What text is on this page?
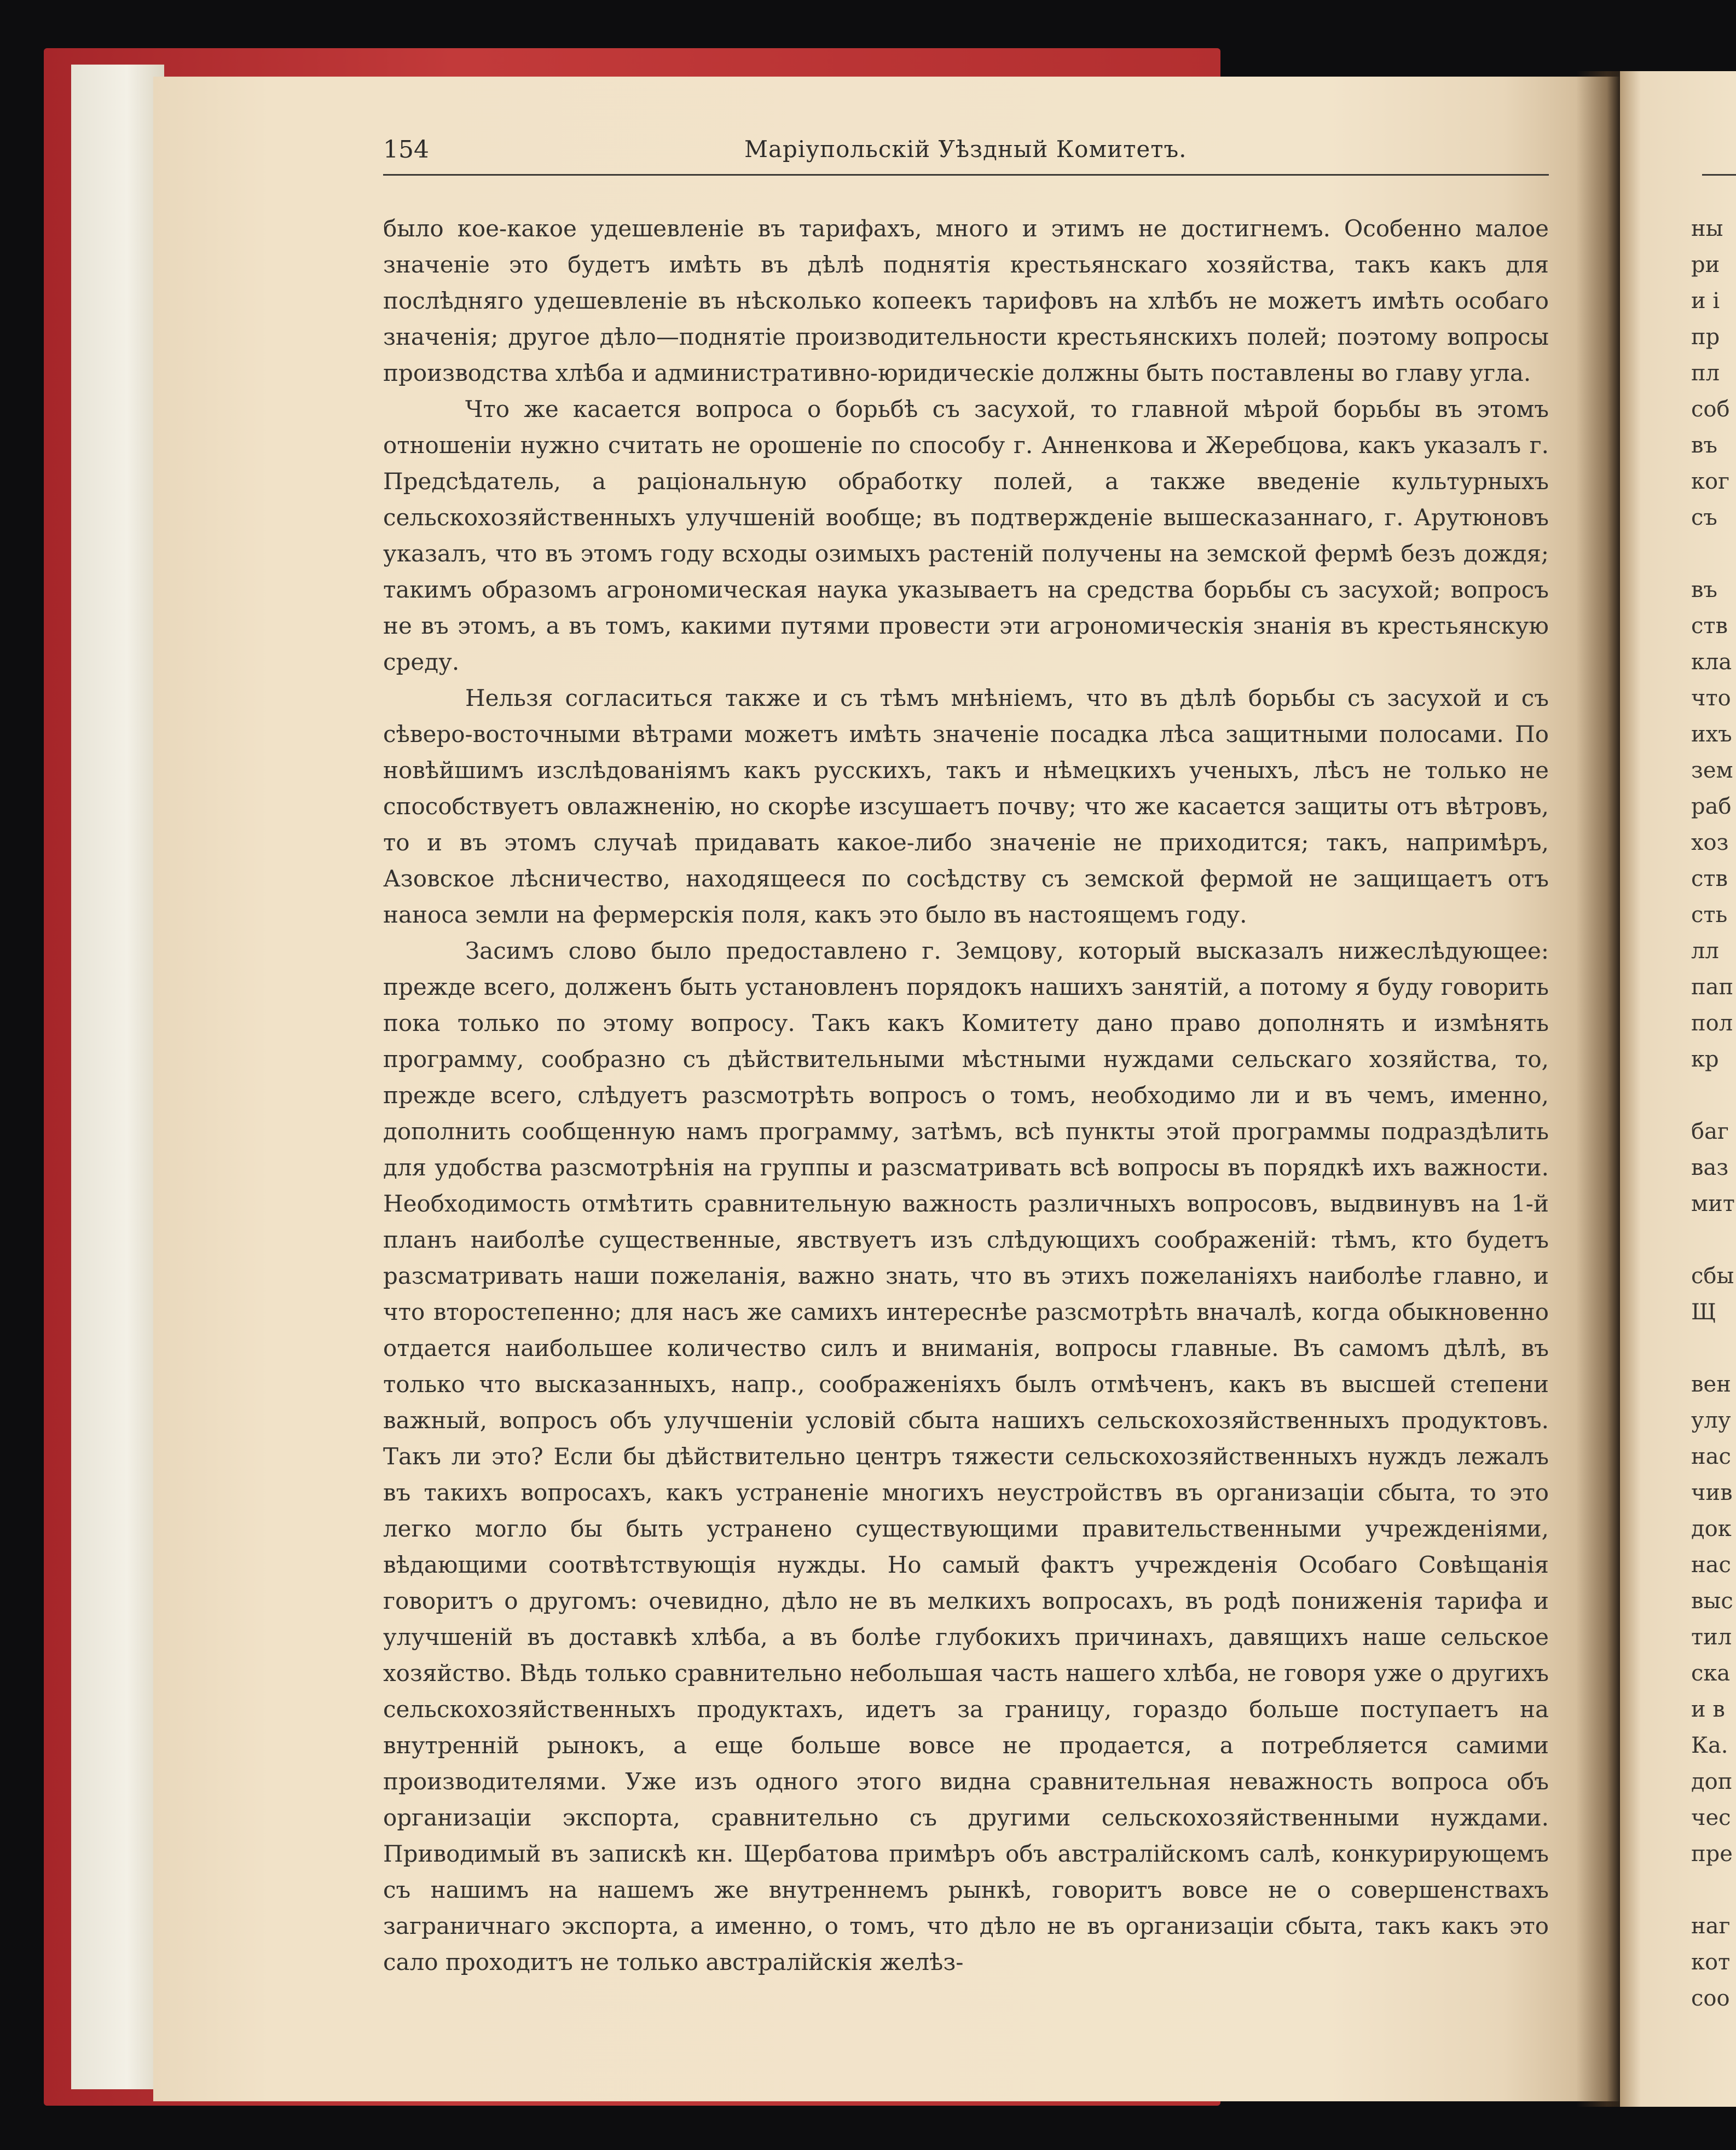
154	Маріупольскій Уѣздный Комитетъ.

было кое-какое удешевленіе въ тарифахъ, много и этимъ не достигнемъ. Особенно малое значеніе это будетъ имѣть въ дѣлѣ поднятія крестьянскаго хозяйства, такъ какъ для послѣдняго удешевленіе въ нѣсколько копеекъ тарифовъ на хлѣбъ не можетъ имѣть особаго значенія; другое дѣло—поднятіе производительности крестьянскихъ полей; поэтому вопросы производства хлѣба и административно-юридическіе должны быть поставлены во главу угла.

Что же касается вопроса о борьбѣ съ засухой, то главной мѣрой борьбы въ этомъ отношеніи нужно считать не орошеніе по способу г. Анненкова и Жеребцова, какъ указалъ г. Предсѣдатель, а раціональную обработку полей, а также введеніе культурныхъ сельскохозяйственныхъ улучшеній вообще; въ подтвержденіе вышесказаннаго, г. Арутюновъ указалъ, что въ этомъ году всходы озимыхъ растеній получены на земской фермѣ безъ дождя; такимъ образомъ агрономическая наука указываетъ на средства борьбы съ засухой; вопросъ не въ этомъ, а въ томъ, какими путями провести эти агрономическія знанія въ крестьянскую среду.

Нельзя согласиться также и съ тѣмъ мнѣніемъ, что въ дѣлѣ борьбы съ засухой и съ сѣверо-восточными вѣтрами можетъ имѣть значеніе посадка лѣса защитными полосами. По новѣйшимъ изслѣдованіямъ какъ русскихъ, такъ и нѣмецкихъ ученыхъ, лѣсъ не только не способствуетъ овлажненію, но скорѣе изсушаетъ почву; что же касается защиты отъ вѣтровъ, то и въ этомъ случаѣ придавать какое-либо значеніе не приходится; такъ, напримѣръ, Азовское лѣсничество, находящееся по сосѣдству съ земской фермой не защищаетъ отъ наноса земли на фермерскія поля, какъ это было въ настоящемъ году.

Засимъ слово было предоставлено г. Земцову, который высказалъ нижеслѣдующее: прежде всего, долженъ быть установленъ порядокъ нашихъ занятій, а потому я буду говорить пока только по этому вопросу. Такъ какъ Комитету дано право дополнять и измѣнять программу, сообразно съ дѣйствительными мѣстными нуждами сельскаго хозяйства, то, прежде всего, слѣдуетъ разсмотрѣть вопросъ о томъ, необходимо ли и въ чемъ, именно, дополнить сообщенную намъ программу, затѣмъ, всѣ пункты этой программы подраздѣлить для удобства разсмотрѣнія на группы и разсматривать всѣ вопросы въ порядкѣ ихъ важности. Необходимость отмѣтить сравнительную важность различныхъ вопросовъ, выдвинувъ на 1-й планъ наиболѣе существенные, явствуетъ изъ слѣдующихъ соображеній: тѣмъ, кто будетъ разсматривать наши пожеланія, важно знать, что въ этихъ пожеланіяхъ наиболѣе главно, и что второстепенно; для насъ же самихъ интереснѣе разсмотрѣть вначалѣ, когда обыкновенно отдается наибольшее количество силъ и вниманія, вопросы главные. Въ самомъ дѣлѣ, въ только что высказанныхъ, напр., соображеніяхъ былъ отмѣченъ, какъ въ высшей степени важный, вопросъ объ улучшеніи условій сбыта нашихъ сельскохозяйственныхъ продуктовъ. Такъ ли это? Если бы дѣйствительно центръ тяжести сельскохозяйственныхъ нуждъ лежалъ въ такихъ вопросахъ, какъ устраненіе многихъ неустройствъ въ организаціи сбыта, то это легко могло бы быть устранено существующими правительственными учрежденіями, вѣдающими соотвѣтствующія нужды. Но самый фактъ учрежденія Особаго Совѣщанія говоритъ о другомъ: очевидно, дѣло не въ мелкихъ вопросахъ, въ родѣ пониженія тарифа и улучшеній въ доставкѣ хлѣба, а въ болѣе глубокихъ причинахъ, давящихъ наше сельское хозяйство. Вѣдь только сравнительно небольшая часть нашего хлѣба, не говоря уже о другихъ сельскохозяйственныхъ продуктахъ, идетъ за границу, гораздо больше поступаетъ на внутренній рынокъ, а еще больше вовсе не продается, а потребляется самими производителями. Уже изъ одного этого видна сравнительная неважность вопроса объ организаціи экспорта, сравнительно съ другими сельскохозяйственными нуждами. Приводимый въ запискѣ кн. Щербатова примѣръ объ австралійскомъ салѣ, конкурирующемъ съ нашимъ на нашемъ же внутреннемъ рынкѣ, говоритъ вовсе не о совершенствахъ заграничнаго экспорта, а именно, о томъ, что дѣло не въ организаціи сбыта, такъ какъ это сало проходитъ не только австралійскія желѣз-

ны
ри
и і
пр
пл
соб
въ
ког
съ
въ
ств
кла
что
ихъ
зем
раб
хоз
ств
сть
лл
пап
пол
кр
баг
ваз
мит
сбы
Щ
вен
улу
нас
чив
док
нас
выс
тил
ска
и в
Ка.
доп
чес
пре
наг
кот
соо
